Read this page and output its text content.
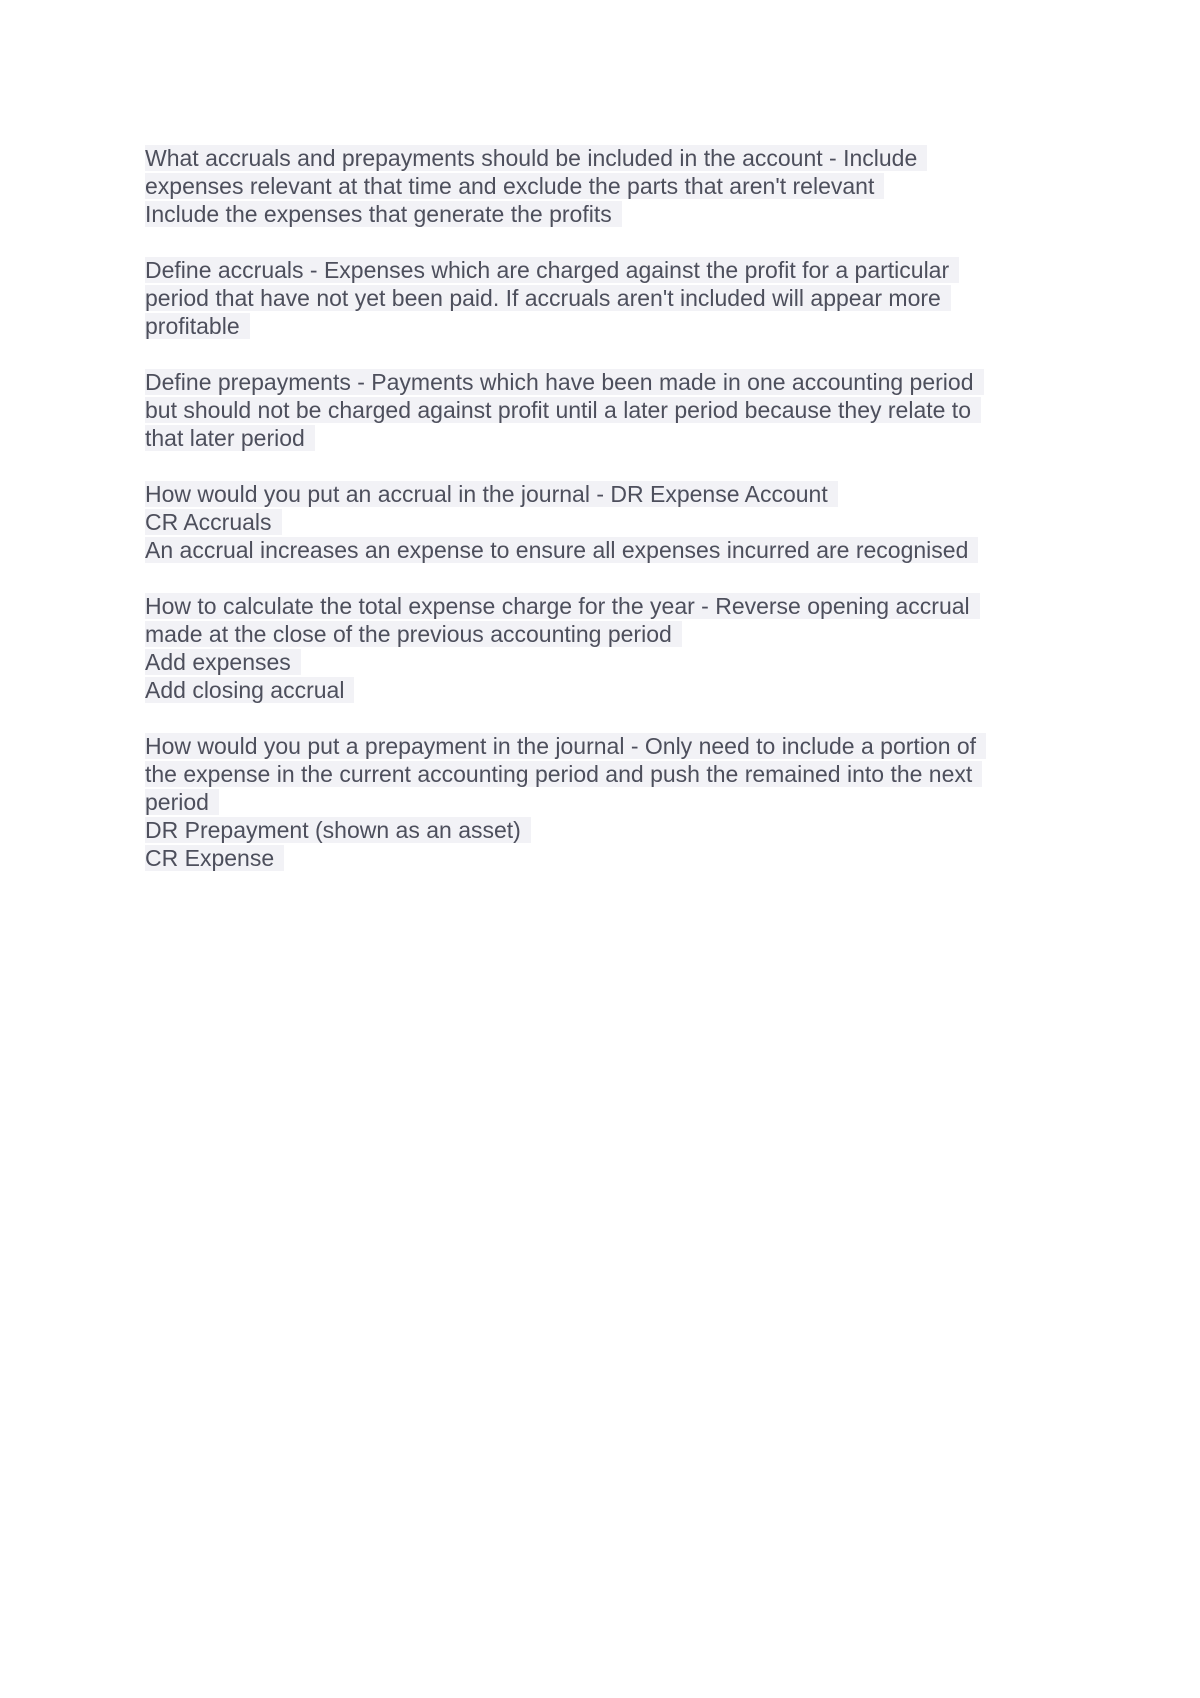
What accruals and prepayments should be included in the account - Include
expenses relevant at that time and exclude the parts that aren't relevant
Include the expenses that generate the profits
Define accruals - Expenses which are charged against the profit for a particular
period that have not yet been paid. If accruals aren't included will appear more
profitable
Define prepayments - Payments which have been made in one accounting period
but should not be charged against profit until a later period because they relate to
that later period
How would you put an accrual in the journal - DR Expense Account
CR Accruals
An accrual increases an expense to ensure all expenses incurred are recognised
How to calculate the total expense charge for the year - Reverse opening accrual
made at the close of the previous accounting period
Add expenses
Add closing accrual
How would you put a prepayment in the journal - Only need to include a portion of
the expense in the current accounting period and push the remained into the next
period
DR Prepayment (shown as an asset)
CR Expense
